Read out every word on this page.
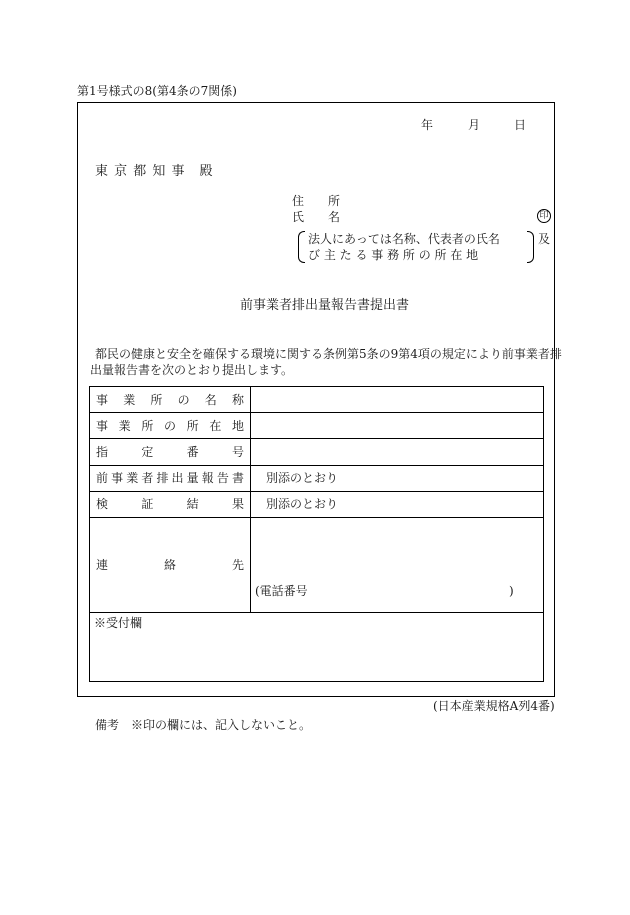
第1号様式の8(第4条の7関係)
年	月	日
東 京 都 知 事　殿
住　　所
氏　　名	印
法人にあっては名称、代表者の氏名
び 主 た る 事 務 所 の 所 在 地
及
前事業者排出量報告書提出書
都民の健康と安全を確保する環境に関する条例第5条の9第4項の規定により前事業者排
出量報告書を次のとおり提出します。
事業所の名称
事業所の所在地
指定番号
前事業者排出量報告書 別添のとおり
検証結果 別添のとおり
連絡先
(電話番号	)
※受付欄
(日本産業規格A列4番)
備考　※印の欄には、記入しないこと。
